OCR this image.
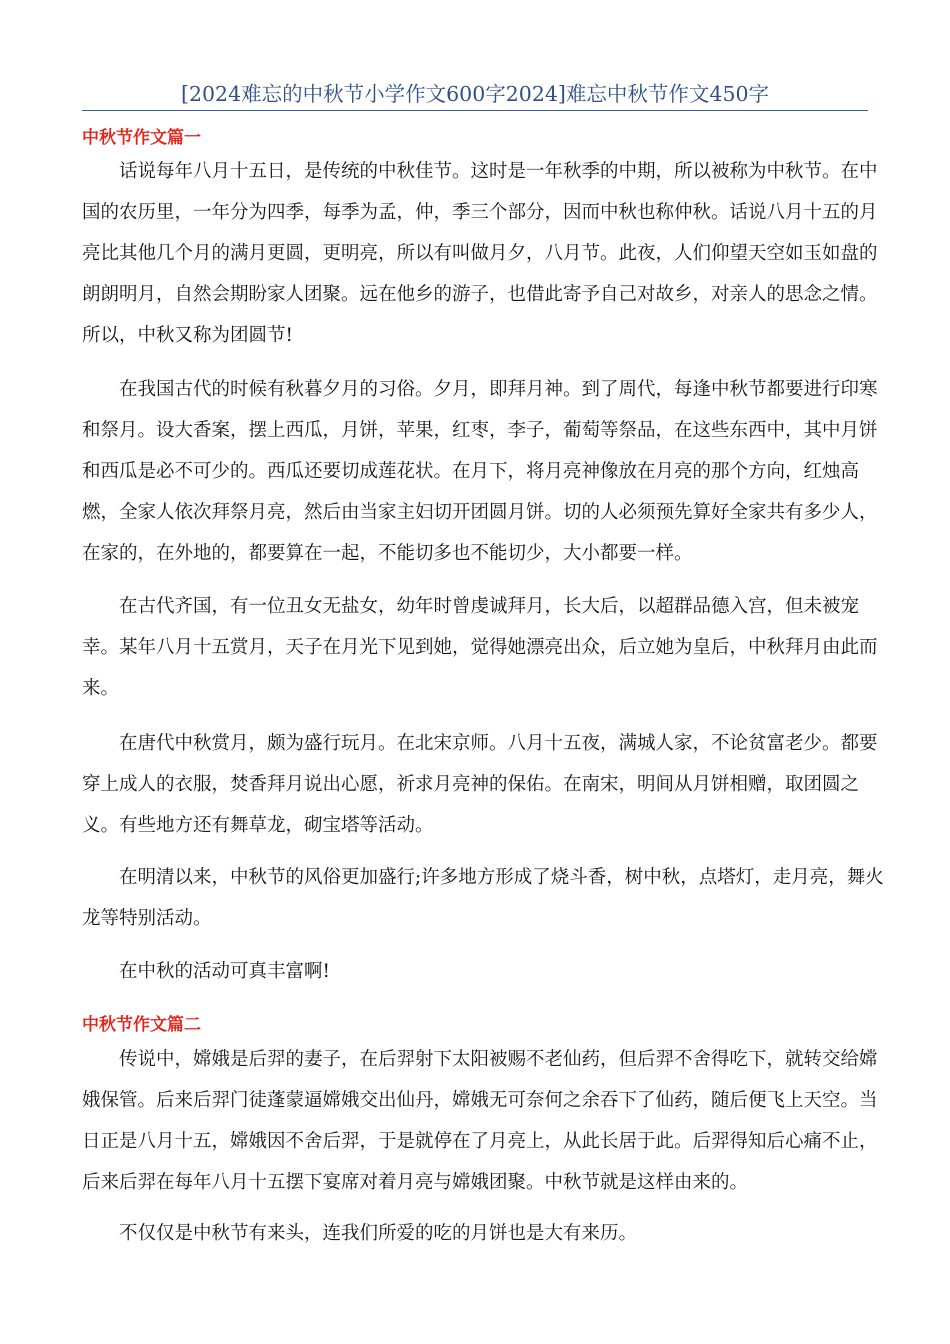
[2024难忘的中秋节小学作文600字2024]难忘中秋节作文450字
中秋节作文篇一

话说每年八月十五日，是传统的中秋佳节。这时是一年秋季的中期，所以被称为中秋节。在中
国的农历里，一年分为四季，每季为孟，仲，季三个部分，因而中秋也称仲秋。话说八月十五的月
亮比其他几个月的满月更圆，更明亮，所以有叫做月夕，八月节。此夜，人们仰望天空如玉如盘的
朗朗明月，自然会期盼家人团聚。远在他乡的游子，也借此寄予自己对故乡，对亲人的思念之情。
所以，中秋又称为团圆节!

在我国古代的时候有秋暮夕月的习俗。夕月，即拜月神。到了周代，每逢中秋节都要进行印寒
和祭月。设大香案，摆上西瓜，月饼，苹果，红枣，李子，葡萄等祭品，在这些东西中，其中月饼
和西瓜是必不可少的。西瓜还要切成莲花状。在月下，将月亮神像放在月亮的那个方向，红烛高
燃，全家人依次拜祭月亮，然后由当家主妇切开团圆月饼。切的人必须预先算好全家共有多少人，
在家的，在外地的，都要算在一起，不能切多也不能切少，大小都要一样。

在古代齐国，有一位丑女无盐女，幼年时曾虔诚拜月，长大后，以超群品德入宫，但未被宠
幸。某年八月十五赏月，天子在月光下见到她，觉得她漂亮出众，后立她为皇后，中秋拜月由此而
来。

在唐代中秋赏月，颇为盛行玩月。在北宋京师。八月十五夜，满城人家，不论贫富老少。都要
穿上成人的衣服，焚香拜月说出心愿，祈求月亮神的保佑。在南宋，明间从月饼相赠，取团圆之
义。有些地方还有舞草龙，砌宝塔等活动。

在明清以来，中秋节的风俗更加盛行;许多地方形成了烧斗香，树中秋，点塔灯，走月亮，舞火
龙等特别活动。

在中秋的活动可真丰富啊!

中秋节作文篇二

传说中，嫦娥是后羿的妻子，在后羿射下太阳被赐不老仙药，但后羿不舍得吃下，就转交给嫦
娥保管。后来后羿门徒蓬蒙逼嫦娥交出仙丹，嫦娥无可奈何之余吞下了仙药，随后便飞上天空。当
日正是八月十五，嫦娥因不舍后羿，于是就停在了月亮上，从此长居于此。后羿得知后心痛不止，
后来后羿在每年八月十五摆下宴席对着月亮与嫦娥团聚。中秋节就是这样由来的。

不仅仅是中秋节有来头，连我们所爱的吃的月饼也是大有来历。
